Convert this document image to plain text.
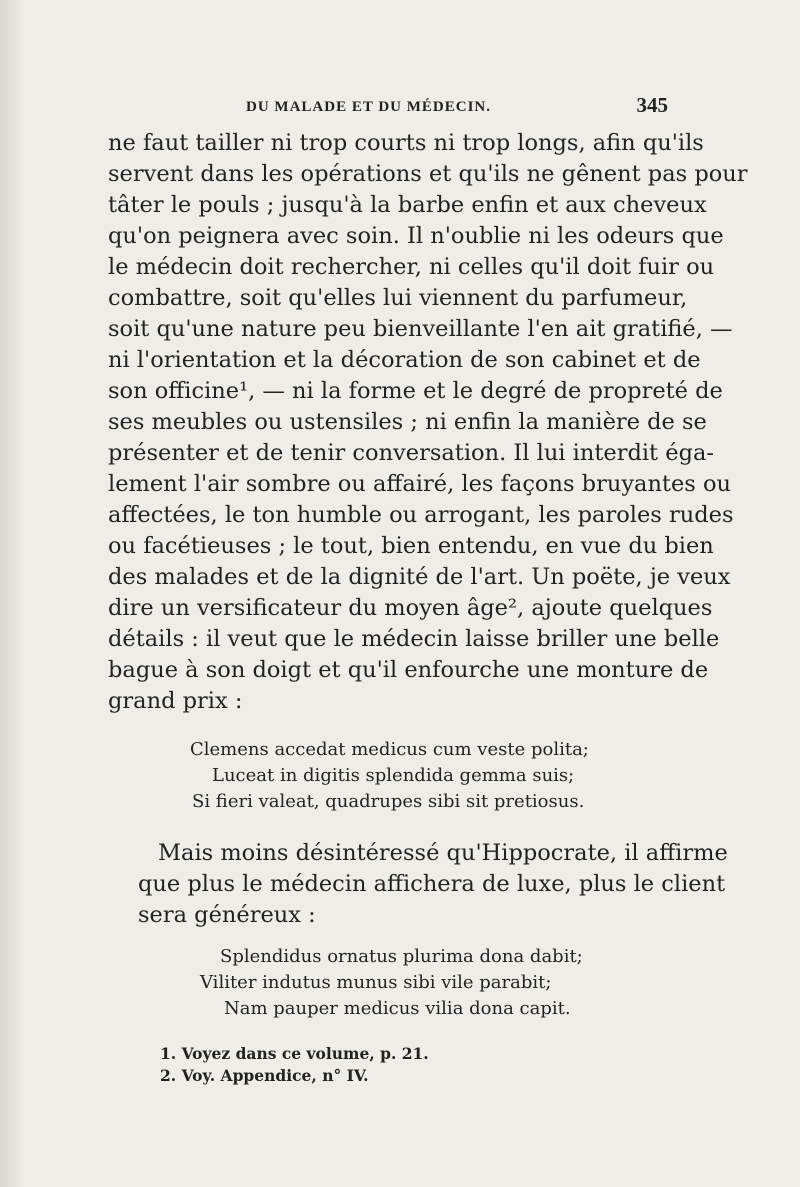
DU MALADE ET DU MÉDECIN.	345
ne faut tailler ni trop courts ni trop longs, afin qu'ils
servent dans les opérations et qu'ils ne gênent pas pour
tâter le pouls ; jusqu'à la barbe enfin et aux cheveux
qu'on peignera avec soin. Il n'oublie ni les odeurs que
le médecin doit rechercher, ni celles qu'il doit fuir ou
combattre, soit qu'elles lui viennent du parfumeur,
soit qu'une nature peu bienveillante l'en ait gratifié, —
ni l'orientation et la décoration de son cabinet et de
son officine¹, — ni la forme et le degré de propreté de
ses meubles ou ustensiles ; ni enfin la manière de se
présenter et de tenir conversation. Il lui interdit éga-
lement l'air sombre ou affairé, les façons bruyantes ou
affectées, le ton humble ou arrogant, les paroles rudes
ou facétieuses ; le tout, bien entendu, en vue du bien
des malades et de la dignité de l'art. Un poëte, je veux
dire un versificateur du moyen âge², ajoute quelques
détails : il veut que le médecin laisse briller une belle
bague à son doigt et qu'il enfourche une monture de
grand prix :
Clemens accedat medicus cum veste polita;
Luceat in digitis splendida gemma suis;
Si fieri valeat, quadrupes sibi sit pretiosus.
Mais moins désintéressé qu'Hippocrate, il affirme
que plus le médecin affichera de luxe, plus le client
sera généreux :
Splendidus ornatus plurima dona dabit;
Viliter indutus munus sibi vile parabit;
Nam pauper medicus vilia dona capit.
1. Voyez dans ce volume, p. 21.
2. Voy. Appendice, n° IV.
